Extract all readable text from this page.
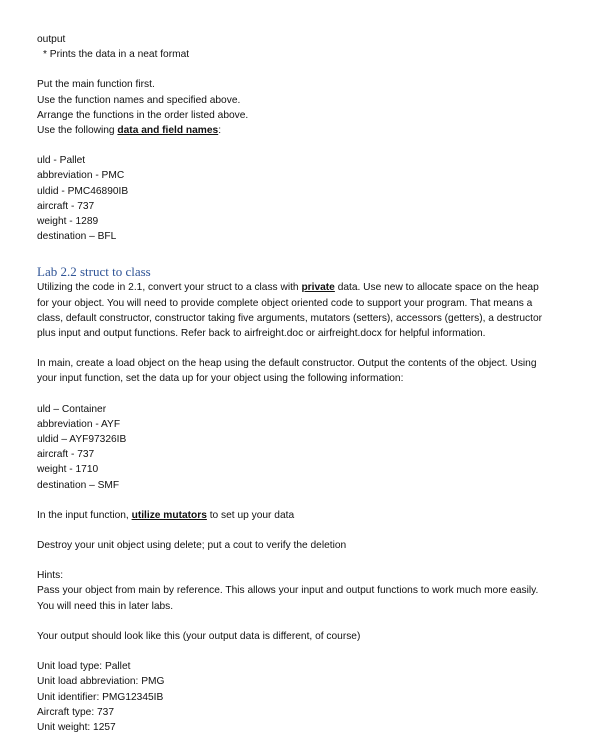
output

* Prints the data in a neat format

Put the main function first.

Use the function names and specified above.

Arrange the functions in the order listed above.

Use the following data and field names:

uld - Pallet

abbreviation - PMC

uldid - PMC46890IB

aircraft - 737

weight - 1289

destination – BFL

Lab 2.2 struct to class

Utilizing the code in 2.1, convert your struct to a class with private data. Use new to allocate space on the heap for your object. You will need to provide complete object oriented code to support your program. That means a class, default constructor, constructor taking five arguments, mutators (setters), accessors (getters), a destructor plus input and output functions. Refer back to airfreight.doc or airfreight.docx for helpful information.

In main, create a load object on the heap using the default constructor. Output the contents of the object. Using your input function, set the data up for your object using the following information:

uld – Container

abbreviation - AYF

uldid – AYF97326IB

aircraft - 737

weight - 1710

destination – SMF

In the input function, utilize mutators to set up your data

Destroy your unit object using delete; put a cout to verify the deletion

Hints:

Pass your object from main by reference. This allows your input and output functions to work much more easily. You will need this in later labs.

Your output should look like this (your output data is different, of course)

Unit load type: Pallet

Unit load abbreviation: PMG

Unit identifier: PMG12345IB

Aircraft type: 737

Unit weight: 1257
